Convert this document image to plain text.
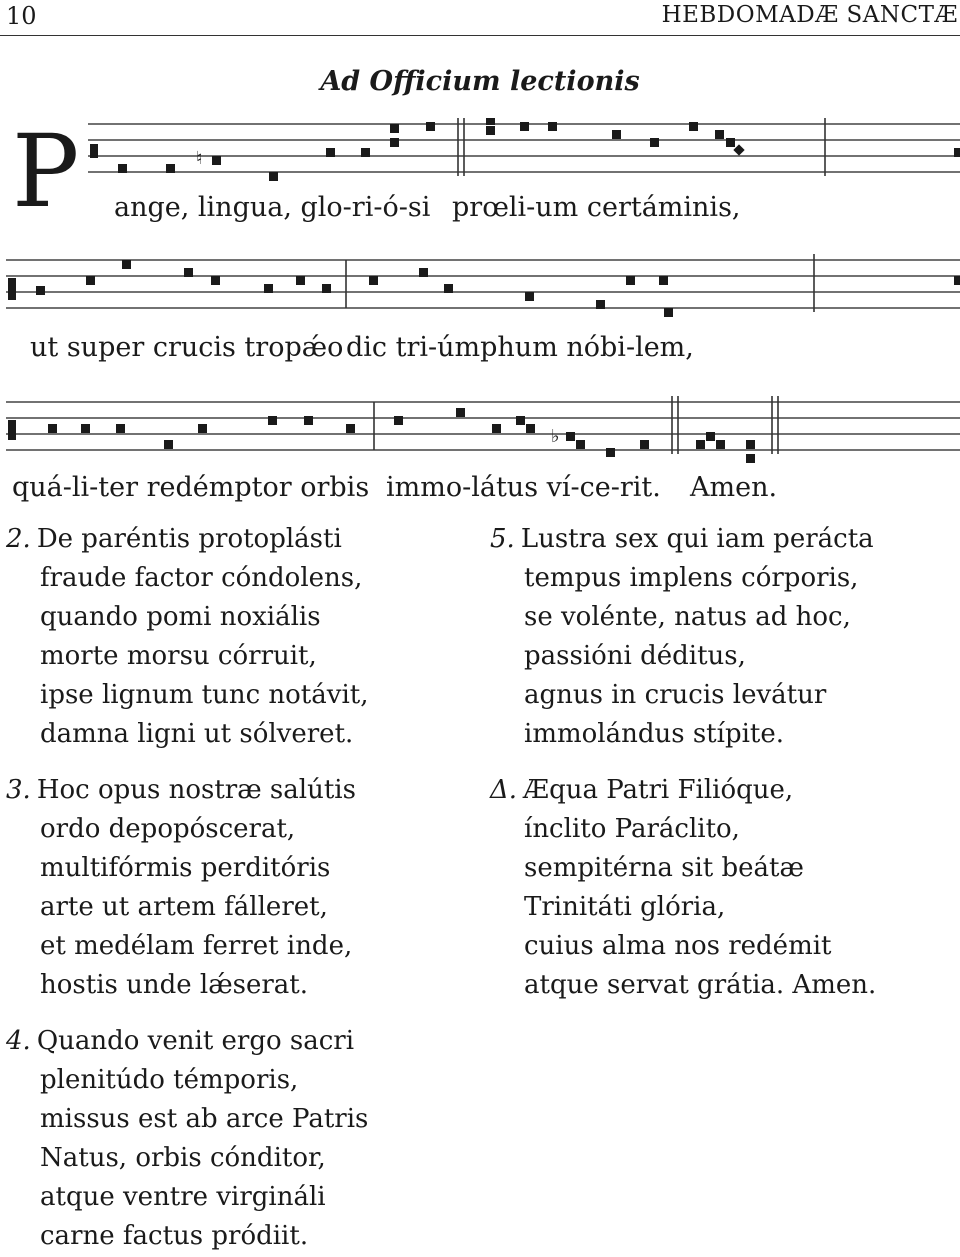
10	HEBDOMADÆ SANCTÆ
Ad Officium lectionis
P	♮
ange, lingua, glo-ri-ó-si prœli-um certáminis,
ut super crucis tropǽo dic tri-úmphum nóbi-lem,
♭
quá-li-ter redémptor orbis immo-látus ví-ce-rit. Amen.
2. De paréntis protoplásti
fraude factor cóndolens,
quando pomi noxiális
morte morsu córruit,
ipse lignum tunc notávit,
damna ligni ut sólveret.
3. Hoc opus nostræ salútis
ordo depopóscerat,
multifórmis perditóris
arte ut artem fálleret,
et medélam ferret inde,
hostis unde lǽserat.
4. Quando venit ergo sacri
plenitúdo témporis,
missus est ab arce Patris
Natus, orbis cónditor,
atque ventre virgináli
carne factus pródiit.
5. Lustra sex qui iam perácta
tempus implens córporis,
se volénte, natus ad hoc,
passióni déditus,
agnus in crucis levátur
immolándus stípite.
Δ. Æqua Patri Filióque,
ínclito Paráclito,
sempitérna sit beátæ
Trinitáti glória,
cuius alma nos redémit
atque servat grátia. Amen.
